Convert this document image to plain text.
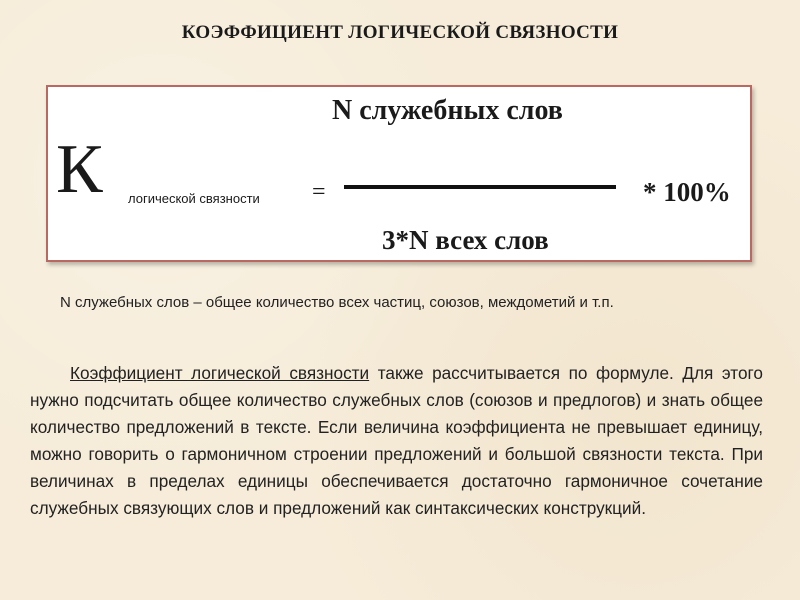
КОЭФФИЦИЕНТ ЛОГИЧЕСКОЙ СВЯЗНОСТИ
N служебных слов
К логической связности =	* 100%
3*N всех слов
N служебных слов – общее количество всех частиц, союзов, междометий и т.п.
Коэффициент логической связности также рассчитывается по формуле. Для этого нужно подсчитать общее количество служебных слов (союзов и предлогов) и знать общее количество предложений в тексте. Если величина коэффициента не превышает единицу, можно говорить о гармоничном строении предложений и большой связности текста. При величинах в пределах единицы обеспечивается достаточно гармоничное сочетание служебных связующих слов и предложений как синтаксических конструкций.
